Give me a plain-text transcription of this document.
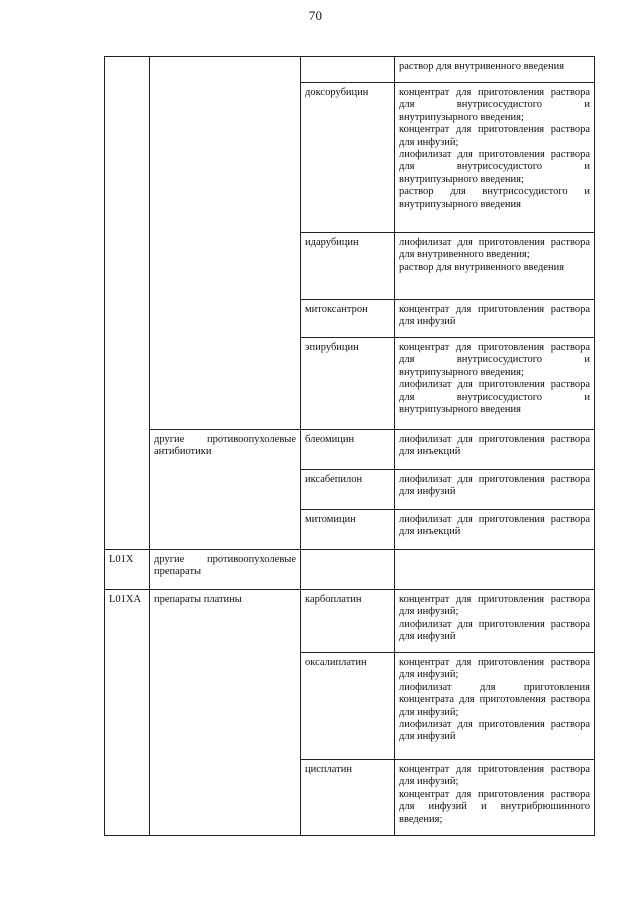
70

			раствор для внутривенного введения

		доксорубицин	концентрат для приготовления раствора для внутрисосудистого и внутрипузырного введения;
концентрат для приготовления раствора для инфузий;
лиофилизат для приготовления раствора для внутрисосудистого и внутрипузырного введения;
раствор для внутрисосудистого и внутрипузырного введения

		идарубицин	лиофилизат для приготовления раствора для внутривенного введения;
раствор для внутривенного введения

		митоксантрон	концентрат для приготовления раствора для инфузий

		эпирубицин	концентрат для приготовления раствора для внутрисосудистого и внутрипузырного введения;
лиофилизат для приготовления раствора для внутрисосудистого и внутрипузырного введения

	другие противоопухолевые антибиотики	блеомицин	лиофилизат для приготовления раствора для инъекций

		иксабепилон	лиофилизат для приготовления раствора для инфузий

		митомицин	лиофилизат для приготовления раствора для инъекций

L01X	другие противоопухолевые препараты		

L01XA	препараты платины	карбоплатин	концентрат для приготовления раствора для инфузий;
лиофилизат для приготовления раствора для инфузий

		оксалиплатин	концентрат для приготовления раствора для инфузий;
лиофилизат для приготовления концентрата для приготовления раствора для инфузий;
лиофилизат для приготовления раствора для инфузий

		цисплатин	концентрат для приготовления раствора для инфузий;
концентрат для приготовления раствора для инфузий и внутрибрюшинного введения;
